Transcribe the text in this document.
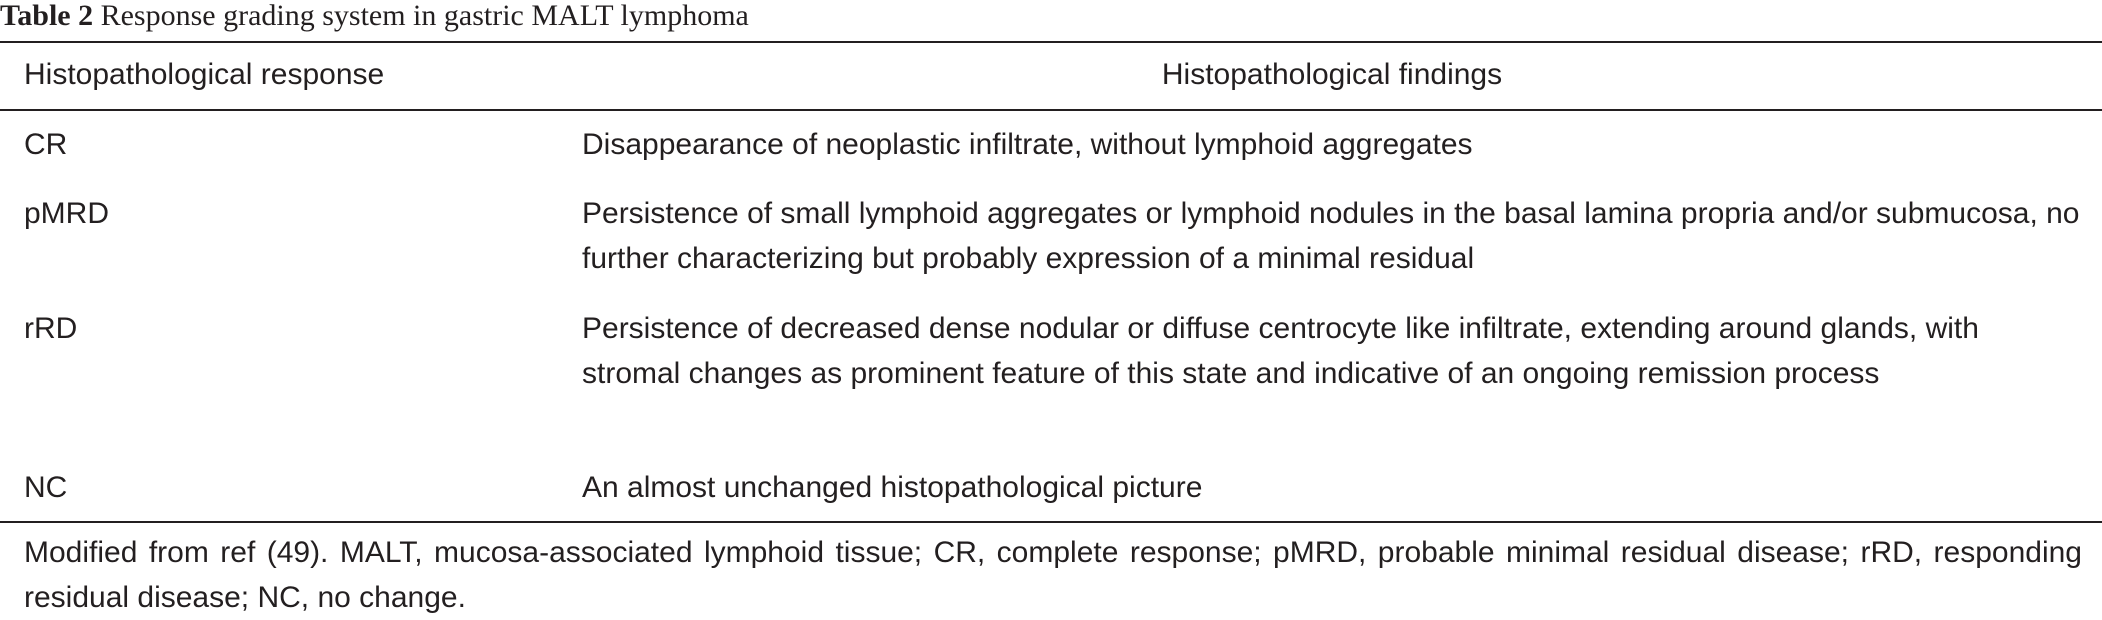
Table 2 Response grading system in gastric MALT lymphoma
Histopathological response	Histopathological findings
CR	Disappearance of neoplastic infiltrate, without lymphoid aggregates
pMRD	Persistence of small lymphoid aggregates or lymphoid nodules in the basal lamina propria and/or submucosa, no further characterizing but probably expression of a minimal residual
rRD	Persistence of decreased dense nodular or diffuse centrocyte like infiltrate, extending around glands, with stromal changes as prominent feature of this state and indicative of an ongoing remission process
NC	An almost unchanged histopathological picture
Modified from ref (49). MALT, mucosa-associated lymphoid tissue; CR, complete response; pMRD, probable minimal residual disease; rRD, responding residual disease; NC, no change.
